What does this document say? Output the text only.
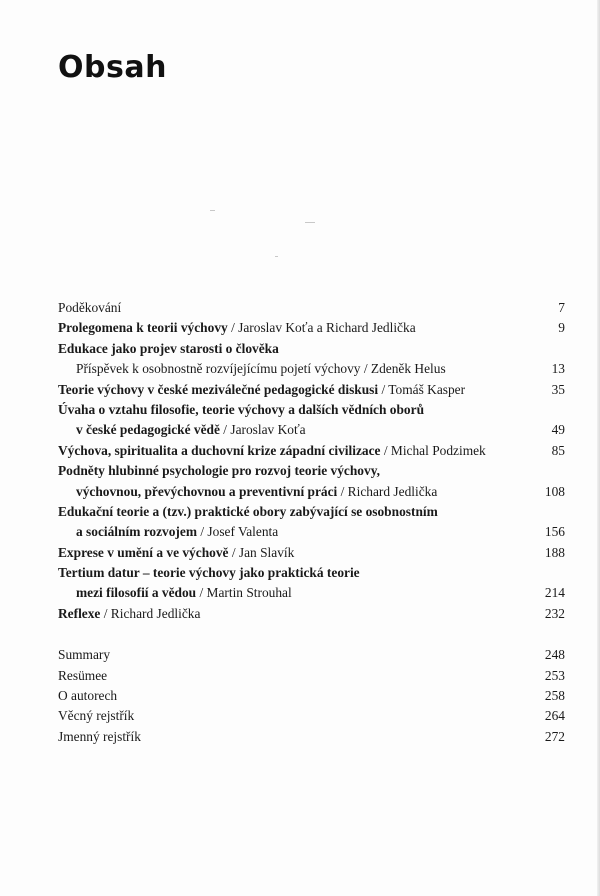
Obsah
Poděkování	7
Prolegomena k teorii výchovy / Jaroslav Koťa a Richard Jedlička	9
Edukace jako projev starosti o člověka
Příspěvek k osobnostně rozvíjejícímu pojetí výchovy / Zdeněk Helus	13
Teorie výchovy v české meziválečné pedagogické diskusi / Tomáš Kasper	35
Úvaha o vztahu filosofie, teorie výchovy a dalších vědních oborů
v české pedagogické vědě / Jaroslav Koťa	49
Výchova, spiritualita a duchovní krize západní civilizace / Michal Podzimek	85
Podněty hlubinné psychologie pro rozvoj teorie výchovy,
výchovnou, převýchovnou a preventivní práci / Richard Jedlička	108
Edukační teorie a (tzv.) praktické obory zabývající se osobnostním
a sociálním rozvojem / Josef Valenta	156
Exprese v umění a ve výchově / Jan Slavík	188
Tertium datur – teorie výchovy jako praktická teorie
mezi filosofií a vědou / Martin Strouhal	214
Reflexe / Richard Jedlička	232
Summary	248
Resümee	253
O autorech	258
Věcný rejstřík	264
Jmenný rejstřík	272
